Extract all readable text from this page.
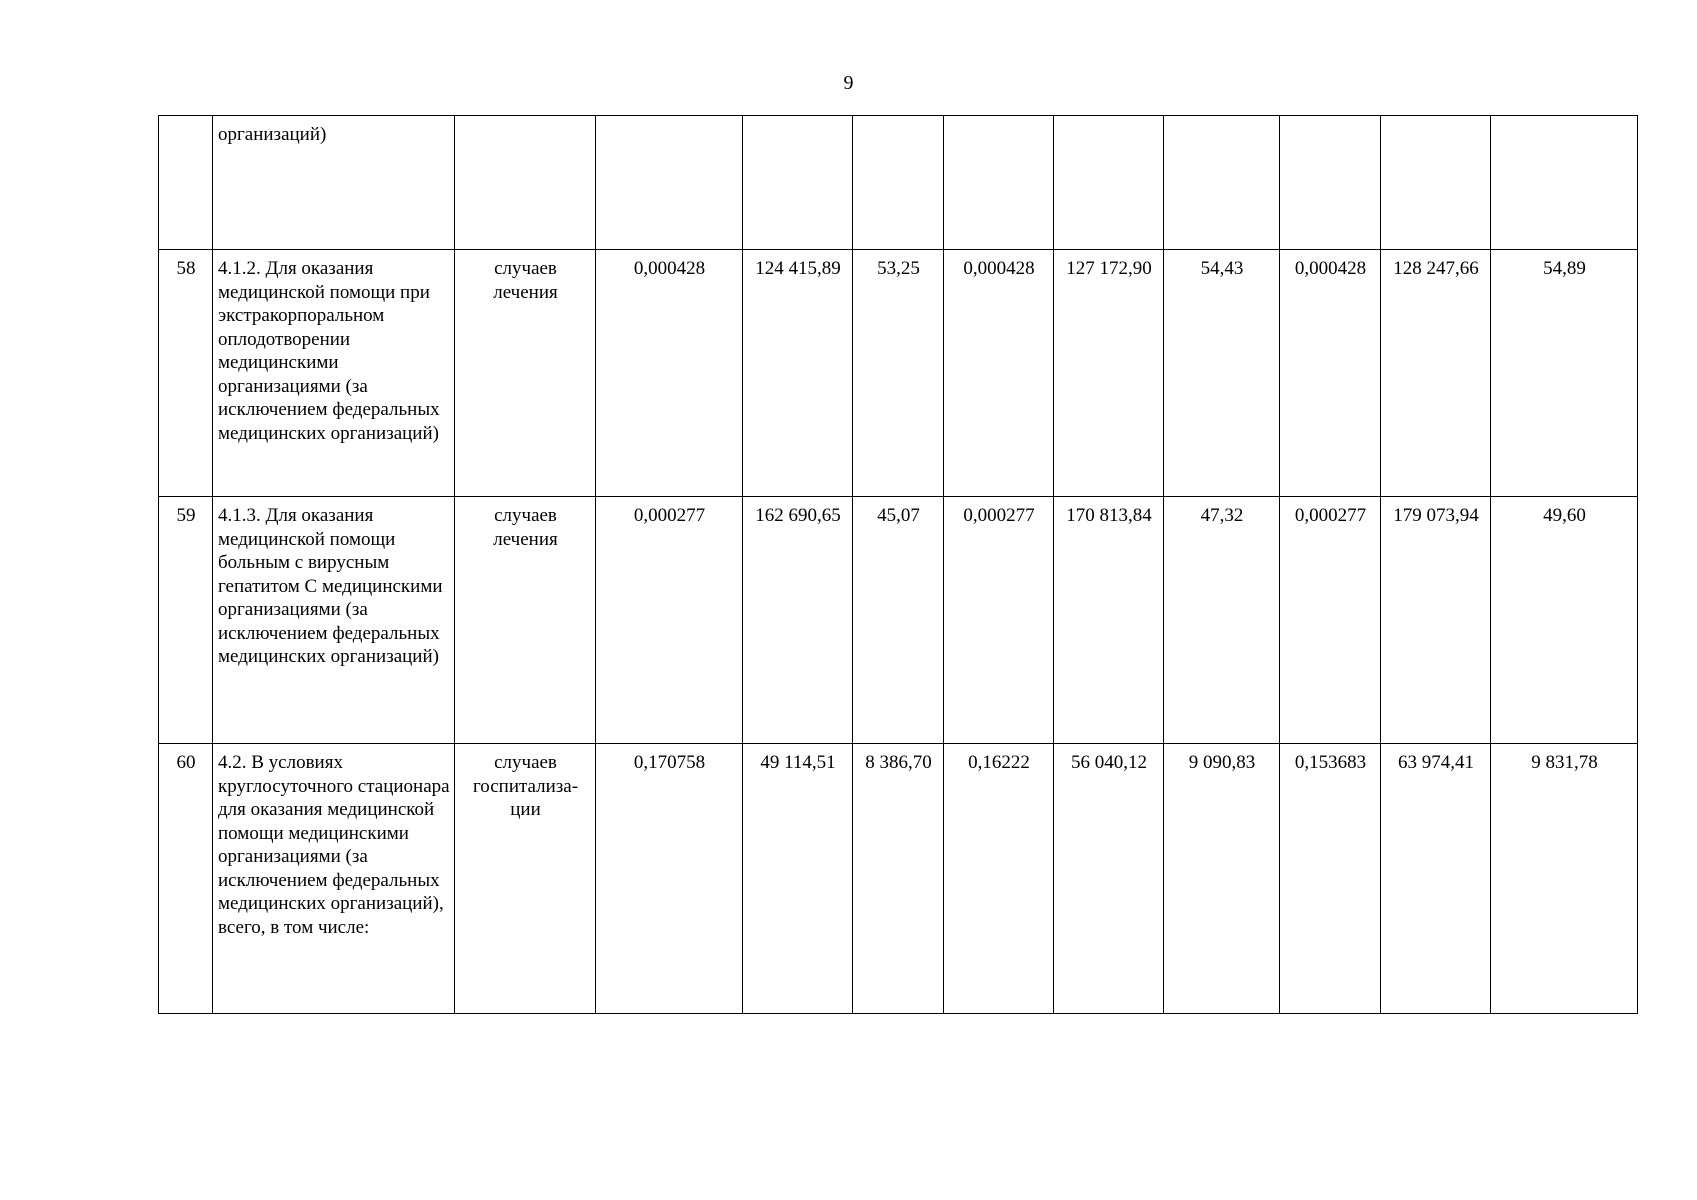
9
	организаций)										
58	4.1.2. Для оказания медицинской помощи при экстракорпоральном оплодотворении медицинскими организациями (за исключением федеральных медицинских организаций)	случаев лечения	0,000428	124 415,89	53,25	0,000428	127 172,90	54,43	0,000428	128 247,66	54,89
59	4.1.3. Для оказания медицинской помощи больным с вирусным гепатитом С медицинскими организациями (за исключением федеральных медицинских организаций)	случаев лечения	0,000277	162 690,65	45,07	0,000277	170 813,84	47,32	0,000277	179 073,94	49,60
60	4.2. В условиях круглосуточного стационара для оказания медицинской помощи медицинскими организациями (за исключением федеральных медицинских организаций), всего, в том числе:	случаев госпитализа-ции	0,170758	49 114,51	8 386,70	0,16222	56 040,12	9 090,83	0,153683	63 974,41	9 831,78
